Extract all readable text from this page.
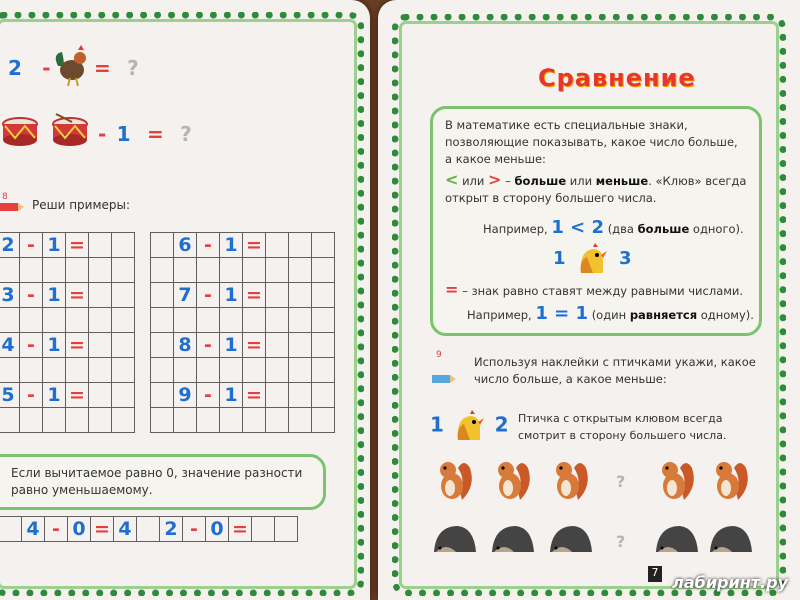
2 - = ?
- 1 = ?
8
Реши примеры:
2	-	1	=		

3	-	1	=		

4	-	1	=		

5	-	1	=		

	6	-	1	=			

	7	-	1	=			

	8	-	1	=			

	9	-	1	=			

Если вычитаемое равно 0, значение разности равно уменьшаемому.
	4	-	0	=	4		2	-	0	=		
Сравнение
В математике есть специальные знаки, позволяющие показывать, какое число больше, а какое меньше:
< или > – больше или меньше. «Клюв» всегда открыт в сторону большего числа.
Например, 1 < 2 (два больше одного).
1	3
= – знак равно ставят между равными числами.
Например, 1 = 1 (один равняется одному).
9	Используя наклейки с птичками укажи, какое число больше, а какое меньше:
1	2 Птичка с открытым клювом всегда смотрит в сторону большего числа.
?
?
7
лабиринт.ру
